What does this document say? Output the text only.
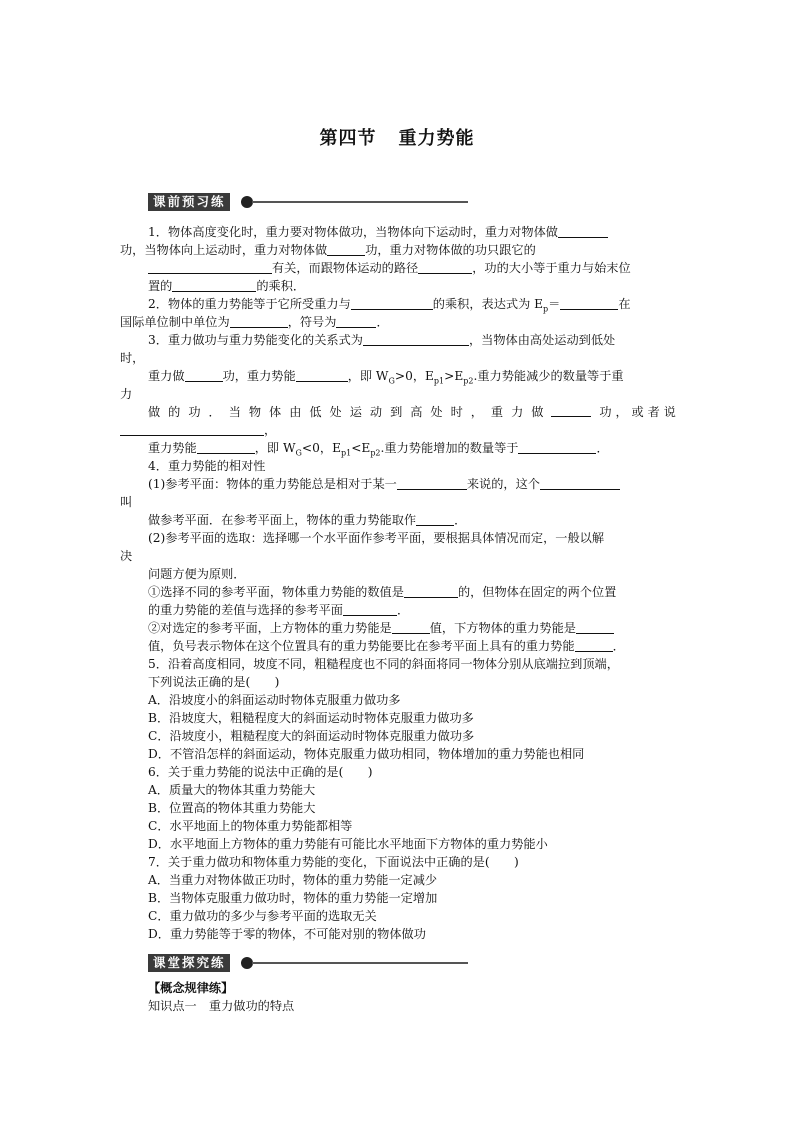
第四节 重力势能
课前预习练
1．物体高度变化时，重力要对物体做功，当物体向下运动时，重力对物体做
功，当物体向上运动时，重力对物体做	功，重力对物体做的功只跟它的
有关，而跟物体运动的路径	，功的大小等于重力与始末位
置的	的乘积．
2．物体的重力势能等于它所受重力与	的乘积，表达式为 $E_p=$	在
国际单位制中单位为	，符号为	．
3．重力做功与重力势能变化的关系式为	，当物体由高处运动到低处
时，
重力做	功，重力势能	，即 $W_G>0$，$E_{p1}>E_{p2}$.重力势能减少的数量等于重
力
做 的 功 ． 当 物 体 由 低 处 运 动 到 高 处 时 ， 重 力 做	功 ， 或 者 说
，
重力势能	，即 $W_G<0$，$E_{p1}<E_{p2}$.重力势能增加的数量等于	．
4．重力势能的相对性
(1)参考平面：物体的重力势能总是相对于某一	来说的，这个
叫
做参考平面．在参考平面上，物体的重力势能取作	．
(2)参考平面的选取：选择哪一个水平面作参考平面，要根据具体情况而定，一般以解
决
问题方便为原则．
①选择不同的参考平面，物体重力势能的数值是	的，但物体在固定的两个位置
的重力势能的差值与选择的参考平面	．
②对选定的参考平面，上方物体的重力势能是	值，下方物体的重力势能是
值，负号表示物体在这个位置具有的重力势能要比在参考平面上具有的重力势能	．
5．沿着高度相同，坡度不同，粗糙程度也不同的斜面将同一物体分别从底端拉到顶端，
下列说法正确的是(　　)
A．沿坡度小的斜面运动时物体克服重力做功多
B．沿坡度大，粗糙程度大的斜面运动时物体克服重力做功多
C．沿坡度小，粗糙程度大的斜面运动时物体克服重力做功多
D．不管沿怎样的斜面运动，物体克服重力做功相同，物体增加的重力势能也相同
6．关于重力势能的说法中正确的是(　　)
A．质量大的物体其重力势能大
B．位置高的物体其重力势能大
C．水平地面上的物体重力势能都相等
D．水平地面上方物体的重力势能有可能比水平地面下方物体的重力势能小
7．关于重力做功和物体重力势能的变化，下面说法中正确的是(　　)
A．当重力对物体做正功时，物体的重力势能一定减少
B．当物体克服重力做功时，物体的重力势能一定增加
C．重力做功的多少与参考平面的选取无关
D．重力势能等于零的物体，不可能对别的物体做功
【概念规律练】
知识点一　重力做功的特点
课堂探究练
